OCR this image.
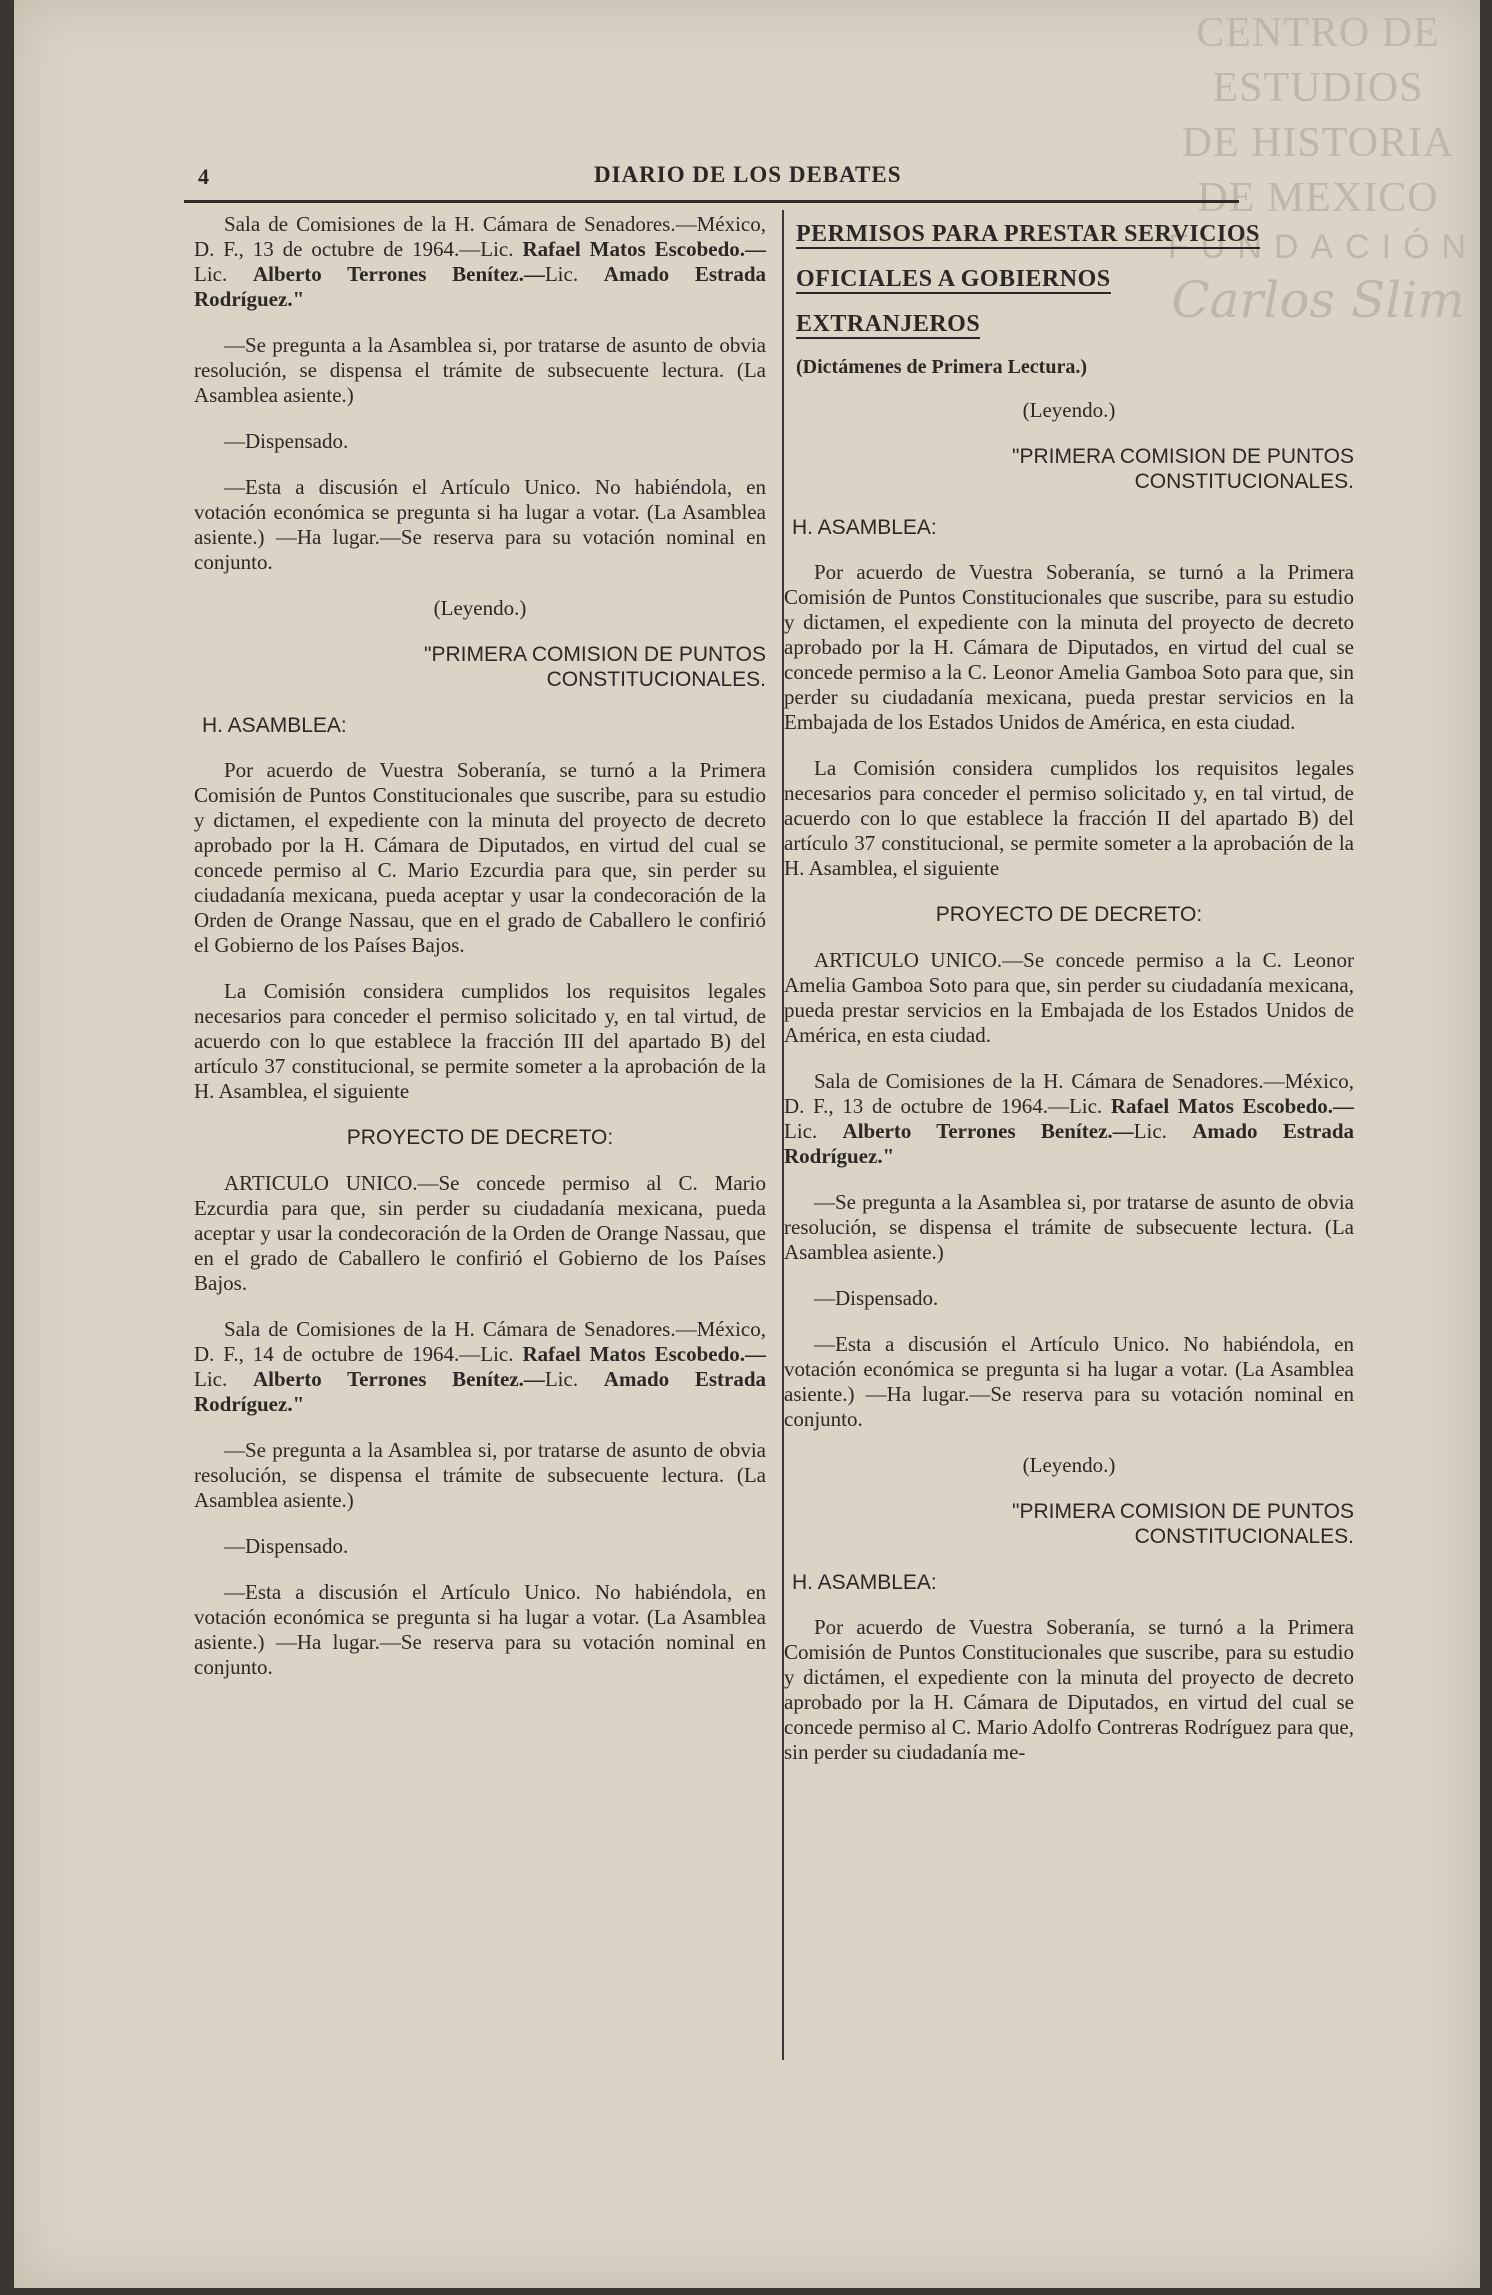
CENTRO DE
ESTUDIOS
DE HISTORIA
DE MEXICO
FUNDACIÓN
Carlos Slim
4	DIARIO DE LOS DEBATES

Sala de Comisiones de la H. Cámara de Senadores.—México, D. F., 13 de octubre de 1964.—Lic. Rafael Matos Escobedo.—Lic. Alberto Terrones Benítez.—Lic. Amado Estrada Rodríguez."

—Se pregunta a la Asamblea si, por tratarse de asunto de obvia resolución, se dispensa el trámite de subsecuente lectura. (La Asamblea asiente.)

—Dispensado.

—Esta a discusión el Artículo Unico. No habiéndola, en votación económica se pregunta si ha lugar a votar. (La Asamblea asiente.) —Ha lugar.—Se reserva para su votación nominal en conjunto.

(Leyendo.)

"PRIMERA COMISION DE PUNTOS
CONSTITUCIONALES.

H. ASAMBLEA:

Por acuerdo de Vuestra Soberanía, se turnó a la Primera Comisión de Puntos Constitucionales que suscribe, para su estudio y dictamen, el expediente con la minuta del proyecto de decreto aprobado por la H. Cámara de Diputados, en virtud del cual se concede permiso al C. Mario Ezcurdia para que, sin perder su ciudadanía mexicana, pueda aceptar y usar la condecoración de la Orden de Orange Nassau, que en el grado de Caballero le confirió el Gobierno de los Países Bajos.

La Comisión considera cumplidos los requisitos legales necesarios para conceder el permiso solicitado y, en tal virtud, de acuerdo con lo que establece la fracción III del apartado B) del artículo 37 constitucional, se permite someter a la aprobación de la H. Asamblea, el siguiente

PROYECTO DE DECRETO:

ARTICULO UNICO.—Se concede permiso al C. Mario Ezcurdia para que, sin perder su ciudadanía mexicana, pueda aceptar y usar la condecoración de la Orden de Orange Nassau, que en el grado de Caballero le confirió el Gobierno de los Países Bajos.

Sala de Comisiones de la H. Cámara de Senadores.—México, D. F., 14 de octubre de 1964.—Lic. Rafael Matos Escobedo.—Lic. Alberto Terrones Benítez.—Lic. Amado Estrada Rodríguez."

—Se pregunta a la Asamblea si, por tratarse de asunto de obvia resolución, se dispensa el trámite de subsecuente lectura. (La Asamblea asiente.)

—Dispensado.

—Esta a discusión el Artículo Unico. No habiéndola, en votación económica se pregunta si ha lugar a votar. (La Asamblea asiente.) —Ha lugar.—Se reserva para su votación nominal en conjunto.

PERMISOS PARA PRESTAR SERVICIOS
OFICIALES A GOBIERNOS
EXTRANJEROS

(Dictámenes de Primera Lectura.)

(Leyendo.)

"PRIMERA COMISION DE PUNTOS
CONSTITUCIONALES.

H. ASAMBLEA:

Por acuerdo de Vuestra Soberanía, se turnó a la Primera Comisión de Puntos Constitucionales que suscribe, para su estudio y dictamen, el expediente con la minuta del proyecto de decreto aprobado por la H. Cámara de Diputados, en virtud del cual se concede permiso a la C. Leonor Amelia Gamboa Soto para que, sin perder su ciudadanía mexicana, pueda prestar servicios en la Embajada de los Estados Unidos de América, en esta ciudad.

La Comisión considera cumplidos los requisitos legales necesarios para conceder el permiso solicitado y, en tal virtud, de acuerdo con lo que establece la fracción II del apartado B) del artículo 37 constitucional, se permite someter a la aprobación de la H. Asamblea, el siguiente

PROYECTO DE DECRETO:

ARTICULO UNICO.—Se concede permiso a la C. Leonor Amelia Gamboa Soto para que, sin perder su ciudadanía mexicana, pueda prestar servicios en la Embajada de los Estados Unidos de América, en esta ciudad.

Sala de Comisiones de la H. Cámara de Senadores.—México, D. F., 13 de octubre de 1964.—Lic. Rafael Matos Escobedo.—Lic. Alberto Terrones Benítez.—Lic. Amado Estrada Rodríguez."

—Se pregunta a la Asamblea si, por tratarse de asunto de obvia resolución, se dispensa el trámite de subsecuente lectura. (La Asamblea asiente.)

—Dispensado.

—Esta a discusión el Artículo Unico. No habiéndola, en votación económica se pregunta si ha lugar a votar. (La Asamblea asiente.) —Ha lugar.—Se reserva para su votación nominal en conjunto.

(Leyendo.)

"PRIMERA COMISION DE PUNTOS
CONSTITUCIONALES.

H. ASAMBLEA:

Por acuerdo de Vuestra Soberanía, se turnó a la Primera Comisión de Puntos Constitucionales que suscribe, para su estudio y dictámen, el expediente con la minuta del proyecto de decreto aprobado por la H. Cámara de Diputados, en virtud del cual se concede permiso al C. Mario Adolfo Contreras Rodríguez para que, sin perder su ciudadanía me-
